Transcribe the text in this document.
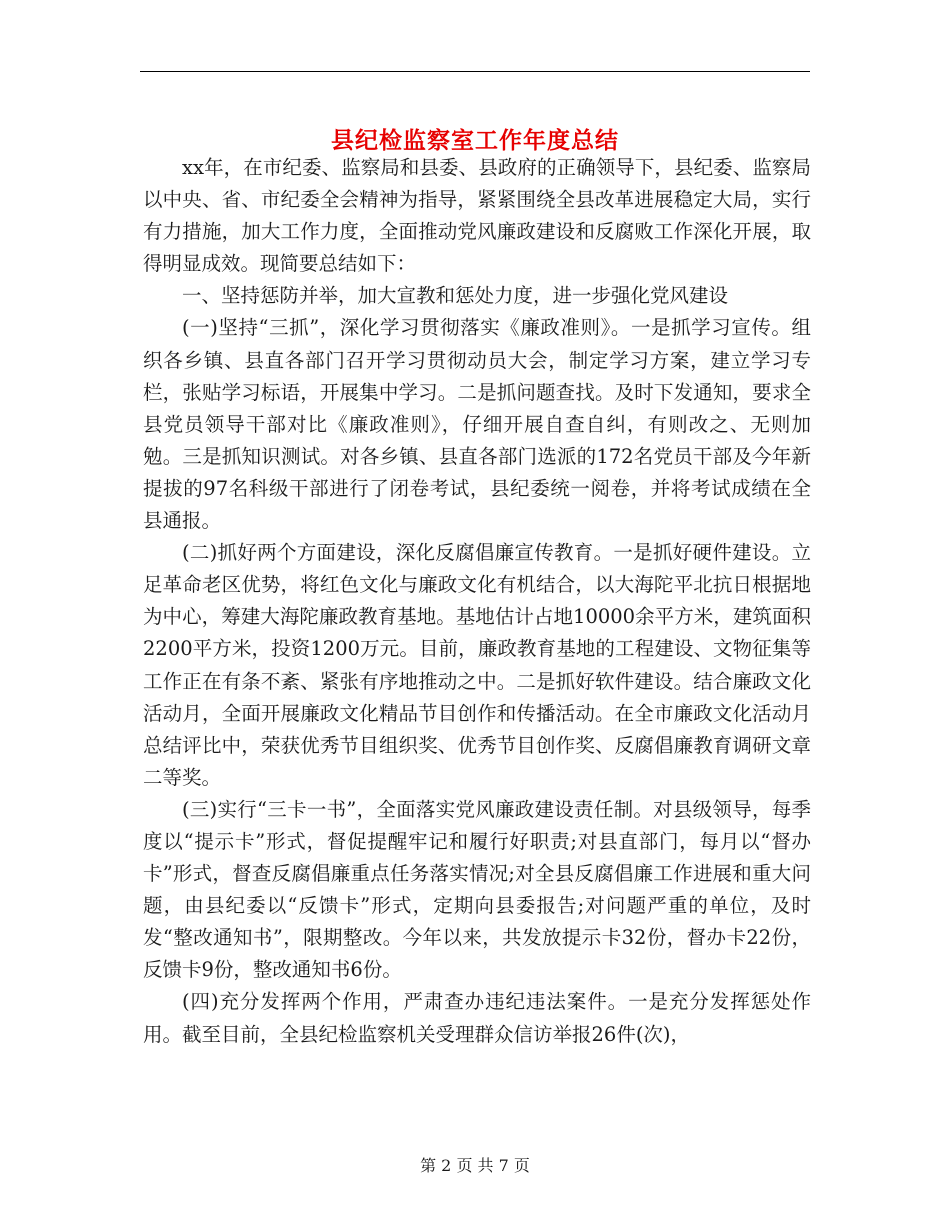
县纪检监察室工作年度总结

xx年，在市纪委、监察局和县委、县政府的正确领导下，县纪委、监察局以中央、省、市纪委全会精神为指导，紧紧围绕全县改革进展稳定大局，实行有力措施，加大工作力度，全面推动党风廉政建设和反腐败工作深化开展，取得明显成效。现简要总结如下：

一、坚持惩防并举，加大宣教和惩处力度，进一步强化党风建设

(一)坚持“三抓”，深化学习贯彻落实《廉政准则》。一是抓学习宣传。组织各乡镇、县直各部门召开学习贯彻动员大会，制定学习方案，建立学习专栏，张贴学习标语，开展集中学习。二是抓问题查找。及时下发通知，要求全县党员领导干部对比《廉政准则》，仔细开展自查自纠，有则改之、无则加勉。三是抓知识测试。对各乡镇、县直各部门选派的172名党员干部及今年新提拔的97名科级干部进行了闭卷考试，县纪委统一阅卷，并将考试成绩在全县通报。

(二)抓好两个方面建设，深化反腐倡廉宣传教育。一是抓好硬件建设。立足革命老区优势，将红色文化与廉政文化有机结合，以大海陀平北抗日根据地为中心，筹建大海陀廉政教育基地。基地估计占地10000余平方米，建筑面积2200平方米，投资1200万元。目前，廉政教育基地的工程建设、文物征集等工作正在有条不紊、紧张有序地推动之中。二是抓好软件建设。结合廉政文化活动月，全面开展廉政文化精品节目创作和传播活动。在全市廉政文化活动月总结评比中，荣获优秀节目组织奖、优秀节目创作奖、反腐倡廉教育调研文章二等奖。

(三)实行“三卡一书”，全面落实党风廉政建设责任制。对县级领导，每季度以“提示卡”形式，督促提醒牢记和履行好职责;对县直部门，每月以“督办卡”形式，督查反腐倡廉重点任务落实情况;对全县反腐倡廉工作进展和重大问题，由县纪委以“反馈卡”形式，定期向县委报告;对问题严重的单位，及时发“整改通知书”，限期整改。今年以来，共发放提示卡32份，督办卡22份，反馈卡9份，整改通知书6份。

(四)充分发挥两个作用，严肃查办违纪违法案件。一是充分发挥惩处作用。截至目前，全县纪检监察机关受理群众信访举报26件(次)，

第 2 页 共 7 页
